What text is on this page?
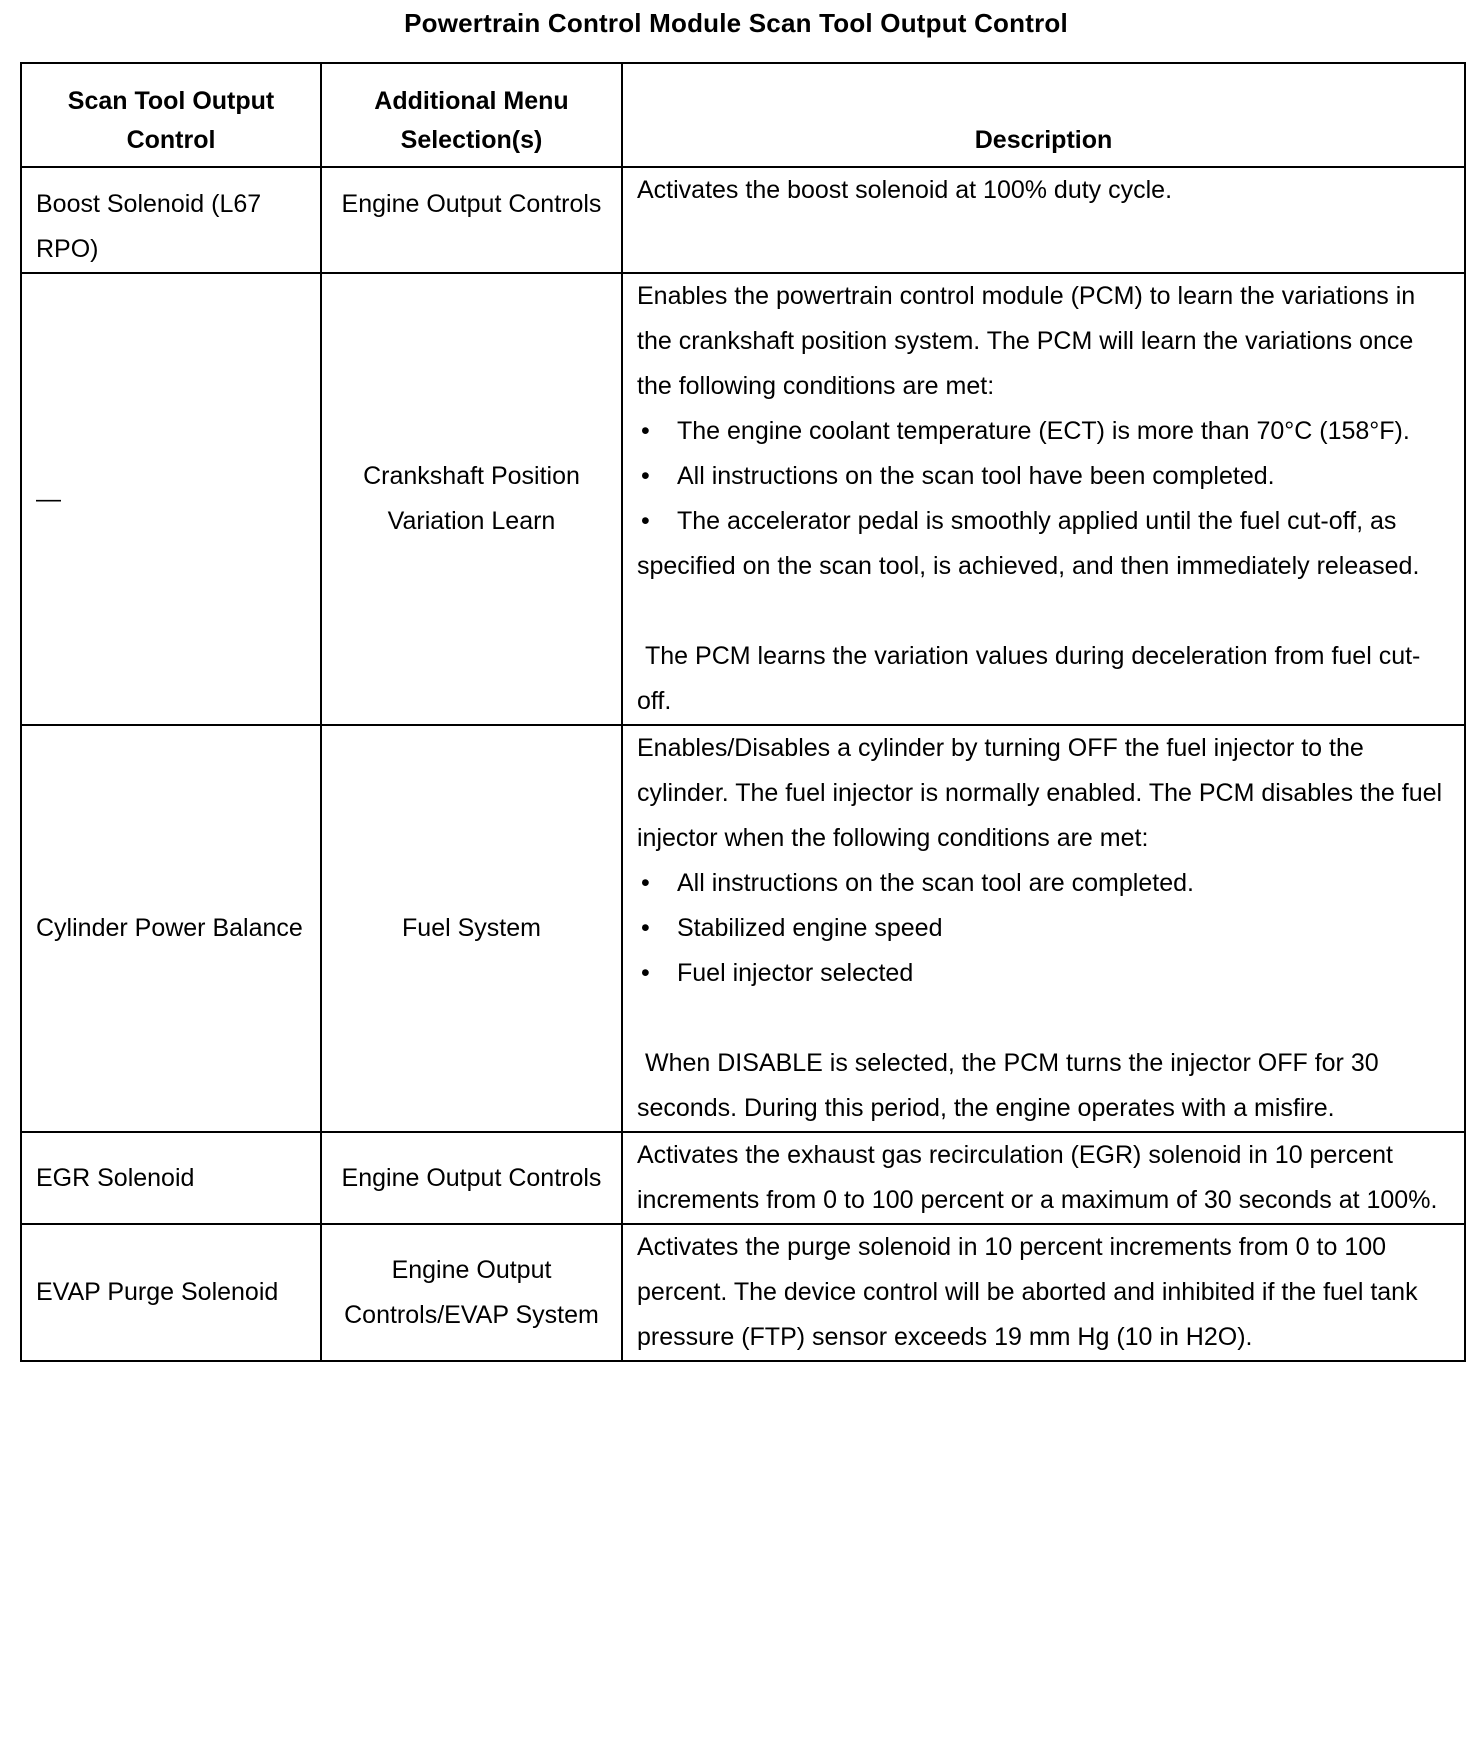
Powertrain Control Module Scan Tool Output Control
Scan Tool Output Control	Additional Menu Selection(s)	Description
Boost Solenoid (L67 RPO)	Engine Output Controls	Activates the boost solenoid at 100% duty cycle.
—	Crankshaft Position Variation Learn	Enables the powertrain control module (PCM) to learn the variations in the crankshaft position system. The PCM will learn the variations once the following conditions are met:
• The engine coolant temperature (ECT) is more than 70°C (158°F).
• All instructions on the scan tool have been completed.
• The accelerator pedal is smoothly applied until the fuel cut-off, as specified on the scan tool, is achieved, and then immediately released.
The PCM learns the variation values during deceleration from fuel cut-off.
Cylinder Power Balance	Fuel System	Enables/Disables a cylinder by turning OFF the fuel injector to the cylinder. The fuel injector is normally enabled. The PCM disables the fuel injector when the following conditions are met:
• All instructions on the scan tool are completed.
• Stabilized engine speed
• Fuel injector selected
When DISABLE is selected, the PCM turns the injector OFF for 30 seconds. During this period, the engine operates with a misfire.
EGR Solenoid	Engine Output Controls	Activates the exhaust gas recirculation (EGR) solenoid in 10 percent increments from 0 to 100 percent or a maximum of 30 seconds at 100%.
EVAP Purge Solenoid	Engine Output Controls/EVAP System	Activates the purge solenoid in 10 percent increments from 0 to 100 percent. The device control will be aborted and inhibited if the fuel tank pressure (FTP) sensor exceeds 19 mm Hg (10 in H2O).
